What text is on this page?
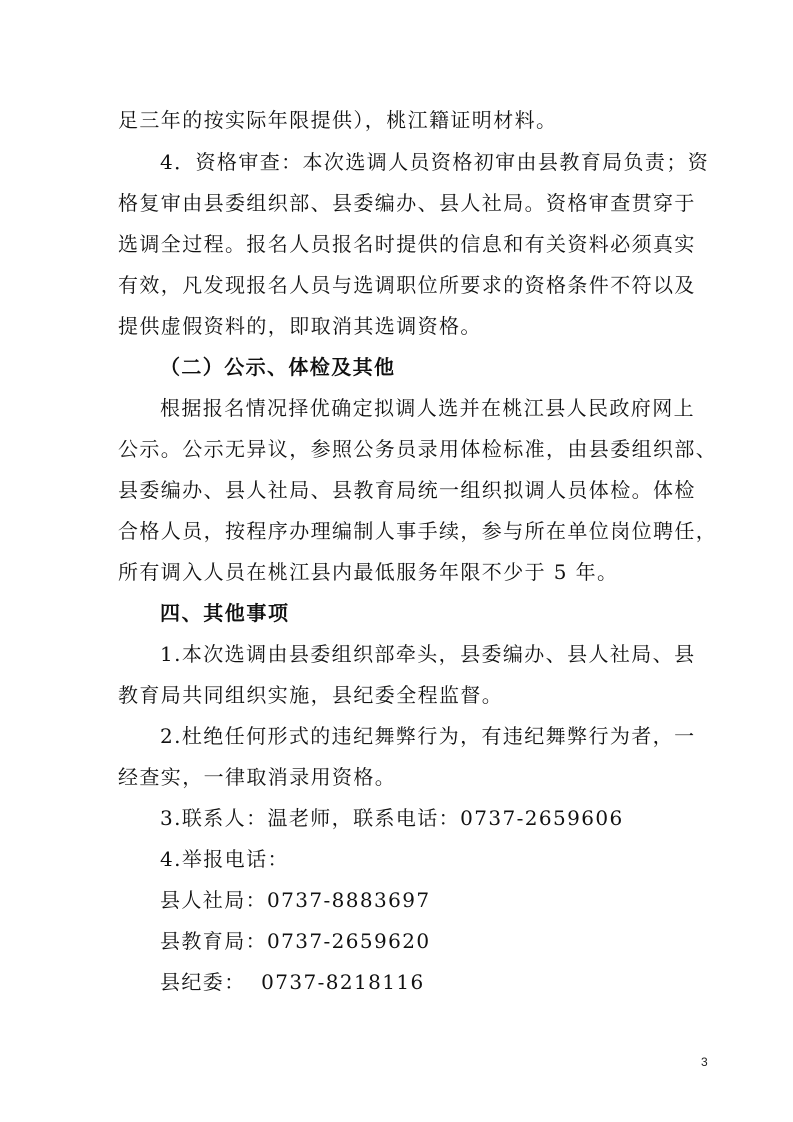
足三年的按实际年限提供），桃江籍证明材料。
4．资格审查：本次选调人员资格初审由县教育局负责；资
格复审由县委组织部、县委编办、县人社局。资格审查贯穿于
选调全过程。报名人员报名时提供的信息和有关资料必须真实
有效，凡发现报名人员与选调职位所要求的资格条件不符以及
提供虚假资料的，即取消其选调资格。
（二）公示、体检及其他
根据报名情况择优确定拟调人选并在桃江县人民政府网上
公示。公示无异议，参照公务员录用体检标准，由县委组织部、
县委编办、县人社局、县教育局统一组织拟调人员体检。体检
合格人员，按程序办理编制人事手续，参与所在单位岗位聘任，
所有调入人员在桃江县内最低服务年限不少于 5 年。
四、其他事项
1.本次选调由县委组织部牵头，县委编办、县人社局、县
教育局共同组织实施，县纪委全程监督。
2.杜绝任何形式的违纪舞弊行为，有违纪舞弊行为者，一
经查实，一律取消录用资格。
3.联系人：温老师，联系电话：0737-2659606
4.举报电话：
县人社局：0737-8883697
县教育局：0737-2659620
县纪委：  0737-8218116
3
